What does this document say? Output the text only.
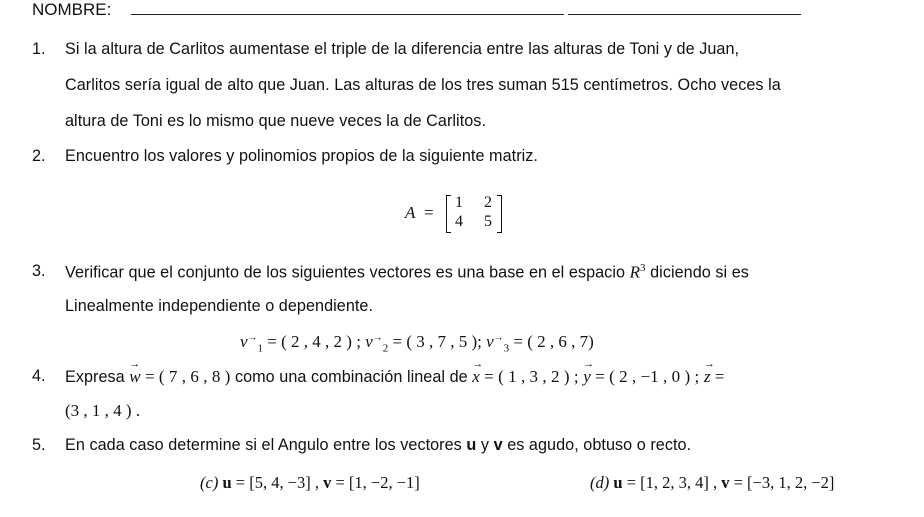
NOMBRE:
1. Si la altura de Carlitos aumentase el triple de la diferencia entre las alturas de Toni y de Juan,
Carlitos sería igual de alto que Juan. Las alturas de los tres suman 515 centímetros. Ocho veces la
altura de Toni es lo mismo que nueve veces la de Carlitos.
2. Encuentro los valores y polinomios propios de la siguiente matriz.
A =
1 2
4 5
3. Verificar que el conjunto de los siguientes vectores es una base en el espacio $R^3$ diciendo si es
Linealmente independiente o dependiente.
$v^\to_1$ = ( 2 , 4 , 2 ) ; $v^\to_2$ = ( 3 , 7 , 5 ); $v^\to_3$ = ( 2 , 6 , 7)
4. Expresa
→
w = ( 7 , 6 , 8 ) como una combinación lineal de
→
x = ( 1 , 3 , 2 ) ;
→
y = ( 2 , −1 , 0 ) ;
→
z =
(3 , 1 , 4 ) .
5. En cada caso determine si el Angulo entre los vectores u y v es agudo, obtuso o recto.
(c) u = [5, 4, −3] , v = [1, −2, −1]	(d) u = [1, 2, 3, 4] , v = [−3, 1, 2, −2]
